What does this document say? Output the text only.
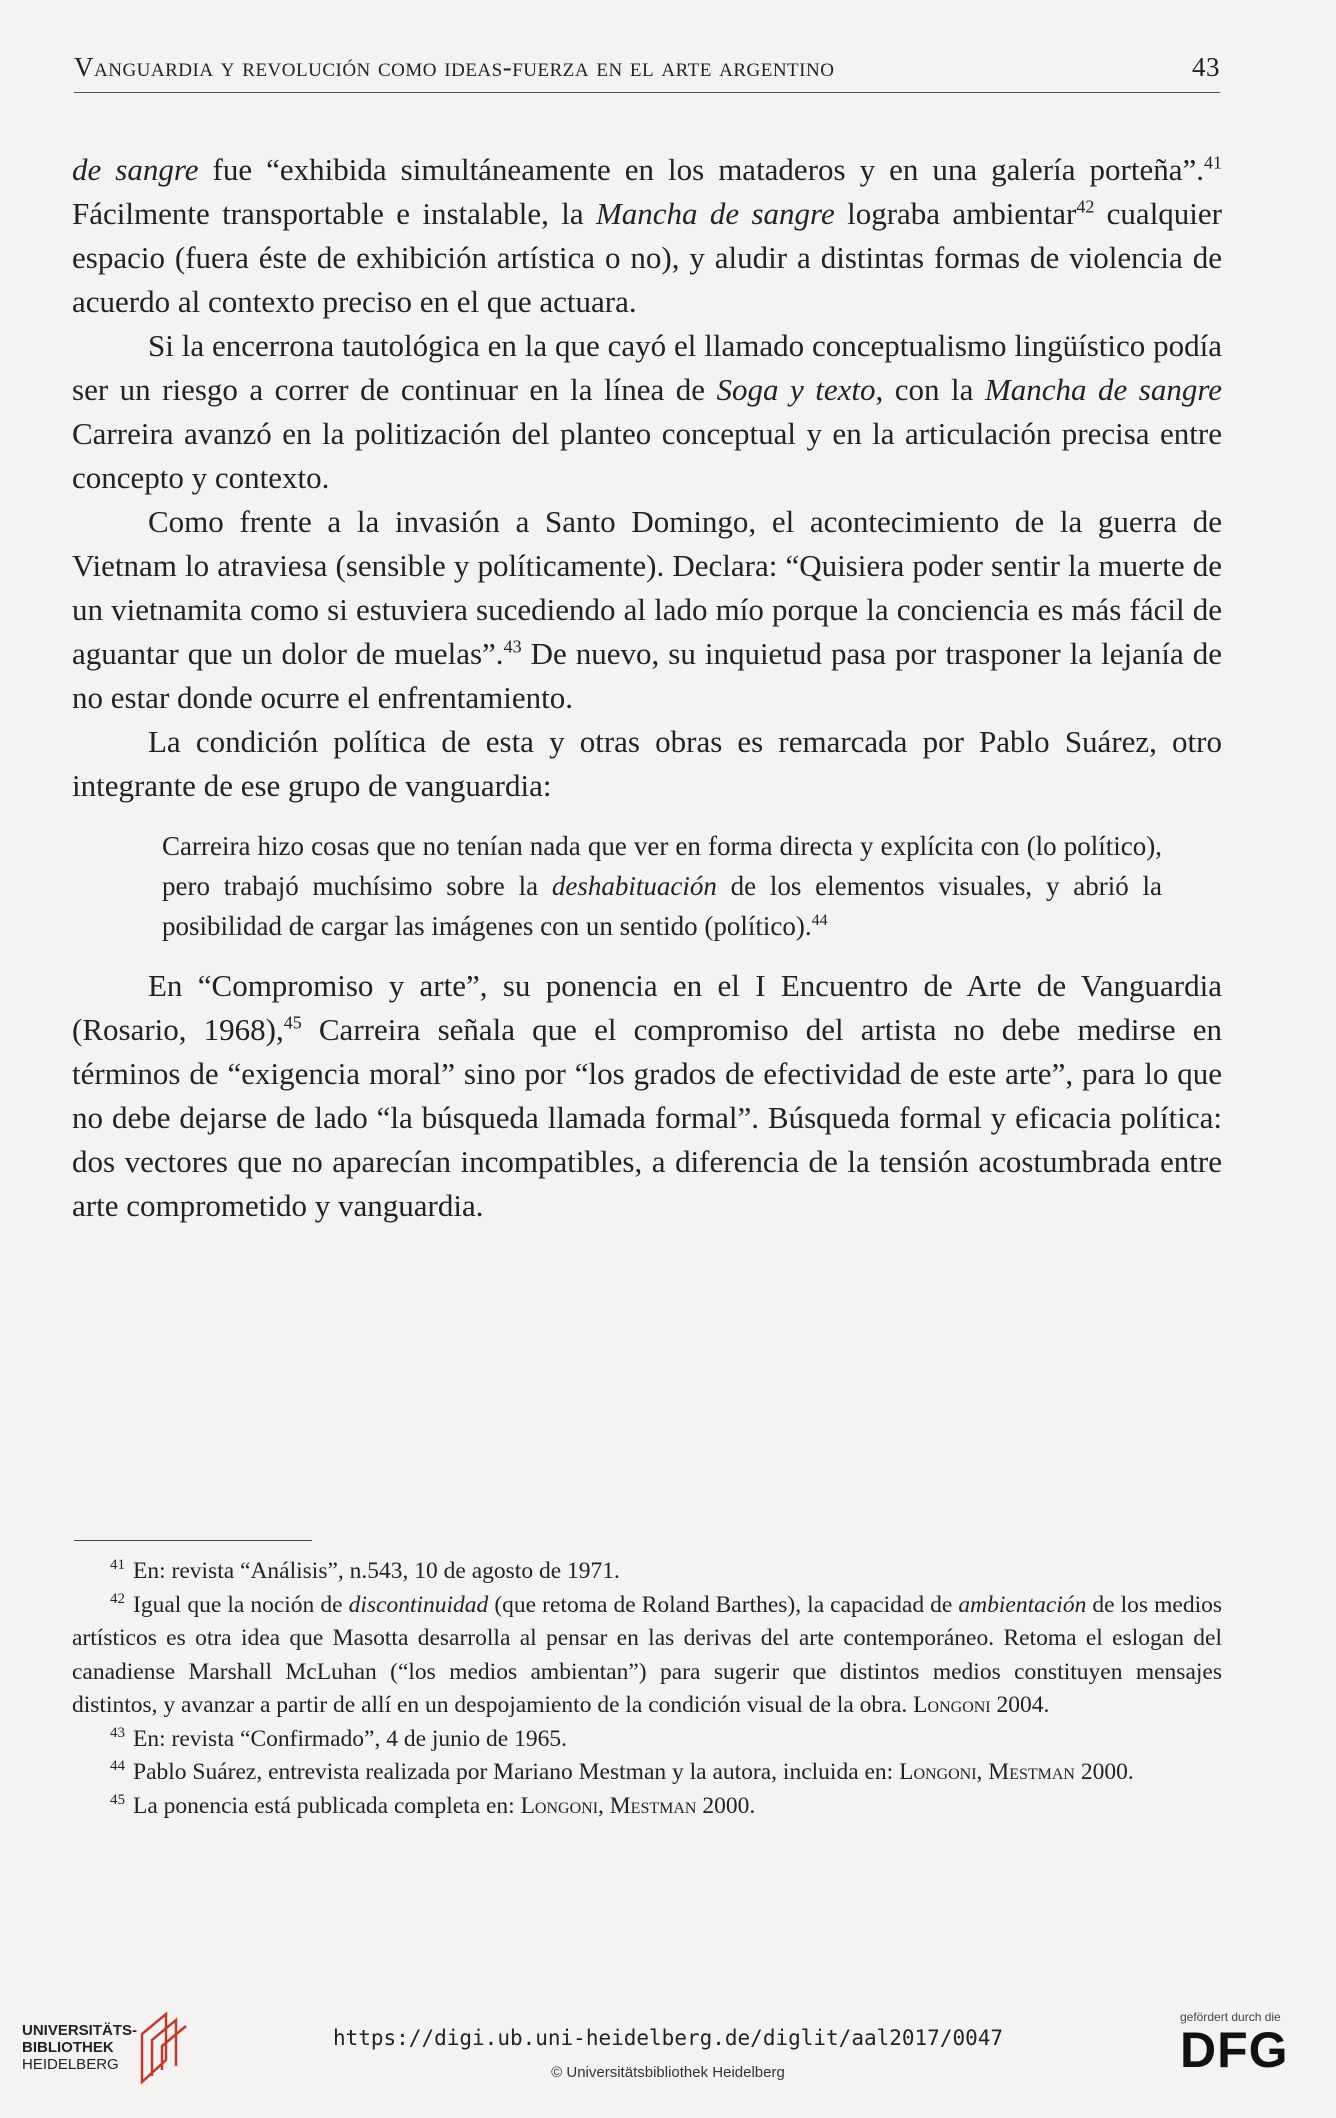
Vanguardia y revolución como ideas-fuerza en el arte argentino	43

de sangre fue “exhibida simultáneamente en los mataderos y en una galería porteña”.$^{41}$ Fácilmente transportable e instalable, la Mancha de sangre lograba ambientar$^{42}$ cualquier espacio (fuera éste de exhibición artística o no), y aludir a distintas formas de violencia de acuerdo al contexto preciso en el que actuara.

Si la encerrona tautológica en la que cayó el llamado conceptualismo lingüístico podía ser un riesgo a correr de continuar en la línea de Soga y texto, con la Mancha de sangre Carreira avanzó en la politización del planteo conceptual y en la articulación precisa entre concepto y contexto.

Como frente a la invasión a Santo Domingo, el acontecimiento de la guerra de Vietnam lo atraviesa (sensible y políticamente). Declara: “Quisiera poder sentir la muerte de un vietnamita como si estuviera sucediendo al lado mío porque la conciencia es más fácil de aguantar que un dolor de muelas”.$^{43}$ De nuevo, su inquietud pasa por trasponer la lejanía de no estar donde ocurre el enfrentamiento.

La condición política de esta y otras obras es remarcada por Pablo Suárez, otro integrante de ese grupo de vanguardia:

Carreira hizo cosas que no tenían nada que ver en forma directa y explícita con (lo político), pero trabajó muchísimo sobre la deshabituación de los elementos visuales, y abrió la posibilidad de cargar las imágenes con un sentido (político).$^{44}$

En “Compromiso y arte”, su ponencia en el I Encuentro de Arte de Vanguardia (Rosario, 1968),$^{45}$ Carreira señala que el compromiso del artista no debe medirse en términos de “exigencia moral” sino por “los grados de efectividad de este arte”, para lo que no debe dejarse de lado “la búsqueda llamada formal”. Búsqueda formal y eficacia política: dos vectores que no aparecían incompatibles, a diferencia de la tensión acostumbrada entre arte comprometido y vanguardia.

$^{41}$ En: revista “Análisis”, n.543, 10 de agosto de 1971.

$^{42}$ Igual que la noción de discontinuidad (que retoma de Roland Barthes), la capacidad de ambientación de los medios artísticos es otra idea que Masotta desarrolla al pensar en las derivas del arte contemporáneo. Retoma el eslogan del canadiense Marshall McLuhan (“los medios ambientan”) para sugerir que distintos medios constituyen mensajes distintos, y avanzar a partir de allí en un despojamiento de la condición visual de la obra. Longoni 2004.

$^{43}$ En: revista “Confirmado”, 4 de junio de 1965.

$^{44}$ Pablo Suárez, entrevista realizada por Mariano Mestman y la autora, incluida en: Longoni, Mestman 2000.

$^{45}$ La ponencia está publicada completa en: Longoni, Mestman 2000.

UNIVERSITÄTS-
BIBLIOTHEK
HEIDELBERG
https://digi.ub.uni-heidelberg.de/diglit/aal2017/0047
© Universitätsbibliothek Heidelberg
gefördert durch die
DFG
